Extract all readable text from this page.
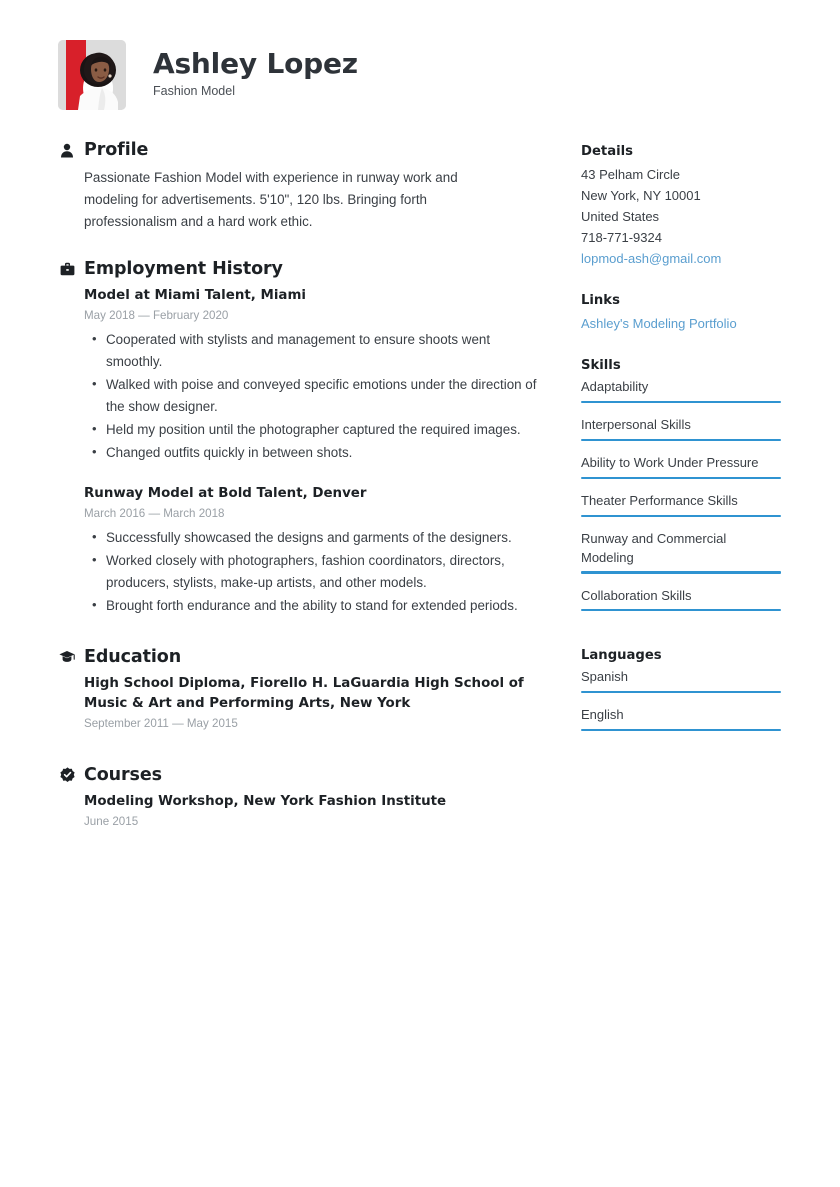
Ashley Lopez
Fashion Model
Profile
Passionate Fashion Model with experience in runway work and modeling for advertisements. 5'10", 120 lbs. Bringing forth professionalism and a hard work ethic.
Employment History
Model at Miami Talent, Miami
May 2018 — February 2020
• Cooperated with stylists and management to ensure shoots went smoothly.
• Walked with poise and conveyed specific emotions under the direction of the show designer.
• Held my position until the photographer captured the required images.
• Changed outfits quickly in between shots.
Runway Model at Bold Talent, Denver
March 2016 — March 2018
• Successfully showcased the designs and garments of the designers.
• Worked closely with photographers, fashion coordinators, directors, producers, stylists, make-up artists, and other models.
• Brought forth endurance and the ability to stand for extended periods.
Education
High School Diploma, Fiorello H. LaGuardia High School of Music & Art and Performing Arts, New York
September 2011 — May 2015
Courses
Modeling Workshop, New York Fashion Institute
June 2015
Details
43 Pelham Circle
New York, NY 10001
United States
718-771-9324
lopmod-ash@gmail.com
Links
Ashley's Modeling Portfolio
Skills
Adaptability
Interpersonal Skills
Ability to Work Under Pressure
Theater Performance Skills
Runway and Commercial Modeling
Collaboration Skills
Languages
Spanish
English
